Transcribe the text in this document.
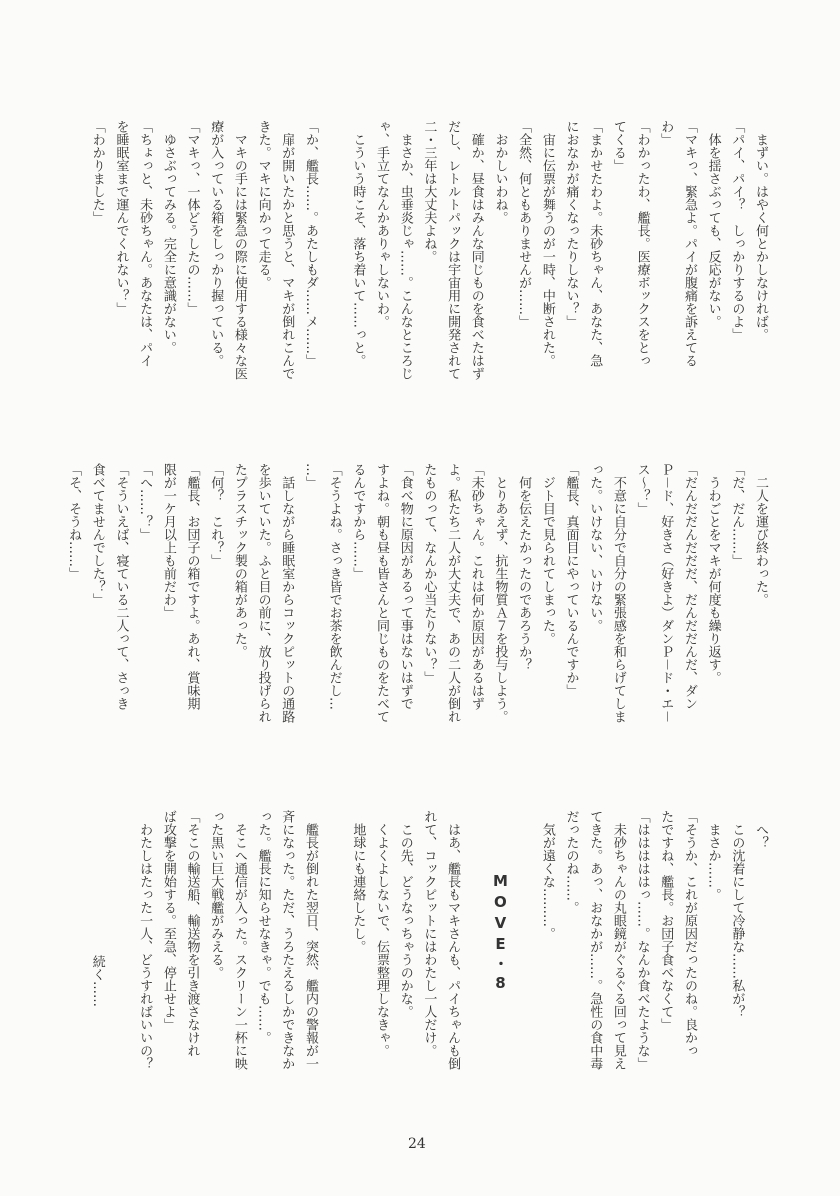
　まずい。はやく何とかしなければ。
「パイ、パイ？　しっかりするのよ」
　体を揺さぶっても、反応がない。
「マキっ、緊急よ。パイが腹痛を訴えてる
わ」
「わかったわ、艦長。医療ボックスをとっ
てくる」
「まかせたわよ。未砂ちゃん、あなた、急
におなかが痛くなったりしない？」
　宙に伝票が舞うのが一時、中断された。
「全然、何ともありませんが……」
　おかしいわね。
　確か、昼食はみんな同じものを食べたはず
だし、レトルトパックは宇宙用に開発されて
二・三年は大丈夫よね。
　まさか、虫垂炎じゃ……。こんなところじ
ゃ、手立てなんかありゃしないわ。
　こういう時こそ、落ち着いて……っと。
「か、艦長……。あたしもダ……メ……」
　扉が開いたかと思うと、マキが倒れこんで
きた。マキに向かって走る。
　マキの手には緊急の際に使用する様々な医
療が入っている箱をしっかり握っている。
「マキっ、一体どうしたの……」
　ゆさぶってみる。完全に意識がない。
「ちょっと、未砂ちゃん。あなたは、パイ
を睡眠室まで運んでくれない？」
「わかりました」
　二人を運び終わった。
「だ、だん……」
　うわごとをマキが何度も繰り返す。
「だんだだんだだだ、だんだだんだ、ダン
Ｐ－ド、好きさ（好きよ）ダンＰ－ド・エ－
ス～？」
　不意に自分で自分の緊張感を和らげてしま
った。いけない、いけない。
「艦長、真面目にやっているんですか」
　ジト目で見られてしまった。
　何を伝えたかったのであろうか？
　とりあえず、抗生物質Ａ７を投与しよう。
「未砂ちゃん。これは何か原因があるはず
よ。私たち二人が大丈夫で、あの二人が倒れ
たものって、なんか心当たりない？」
「食べ物に原因があるって事はないはずで
すよね。朝も昼も皆さんと同じものをたべて
るんですから……」
「そうよね。さっき皆でお茶を飲んだし…
…」
　話しながら睡眠室からコックピットの通路
を歩いていた。ふと目の前に、放り投げられ
たプラスチック製の箱があった。
「何？　これ？」
「艦長、お団子の箱ですよ。あれ、賞味期
限が一ケ月以上も前だわ」
「へ……？」
「そういえば、寝ている二人って、さっき
食べてませんでした？」
「そ、そうね……」
　へ？
　この沈着にして冷静な……私が？
　まさか……。
「そうか、これが原因だったのね。良かっ
たですね、艦長。お団子食べなくて」
「はははははっ……。なんか食べたような」
　未砂ちゃんの丸眼鏡がぐるぐる回って見え
てきた。あっ、おなかが……。急性の食中毒
だったのね……。
　気が遠くな………。
MOVE・8
　はあ、艦長もマキさんも、パイちゃんも倒
れて、コックピットにはわたし一人だけ。
　この先、どうなっちゃうのかな。
　くよくよしないで、伝票整理しなきゃ。
　地球にも連絡したし。
　艦長が倒れた翌日、突然、艦内の警報が一
斉になった。ただ、うろたえるしかできなか
った。艦長に知らせなきゃ。でも……。
　そこへ通信が入った。スクリーン一杯に映
った黒い巨大戦艦がみえる。
「そこの輸送船、輸送物を引き渡さなけれ
ば攻撃を開始する。至急、停止せよ」
　わたしはたった一人、どうすればいいの？
続く……
24
